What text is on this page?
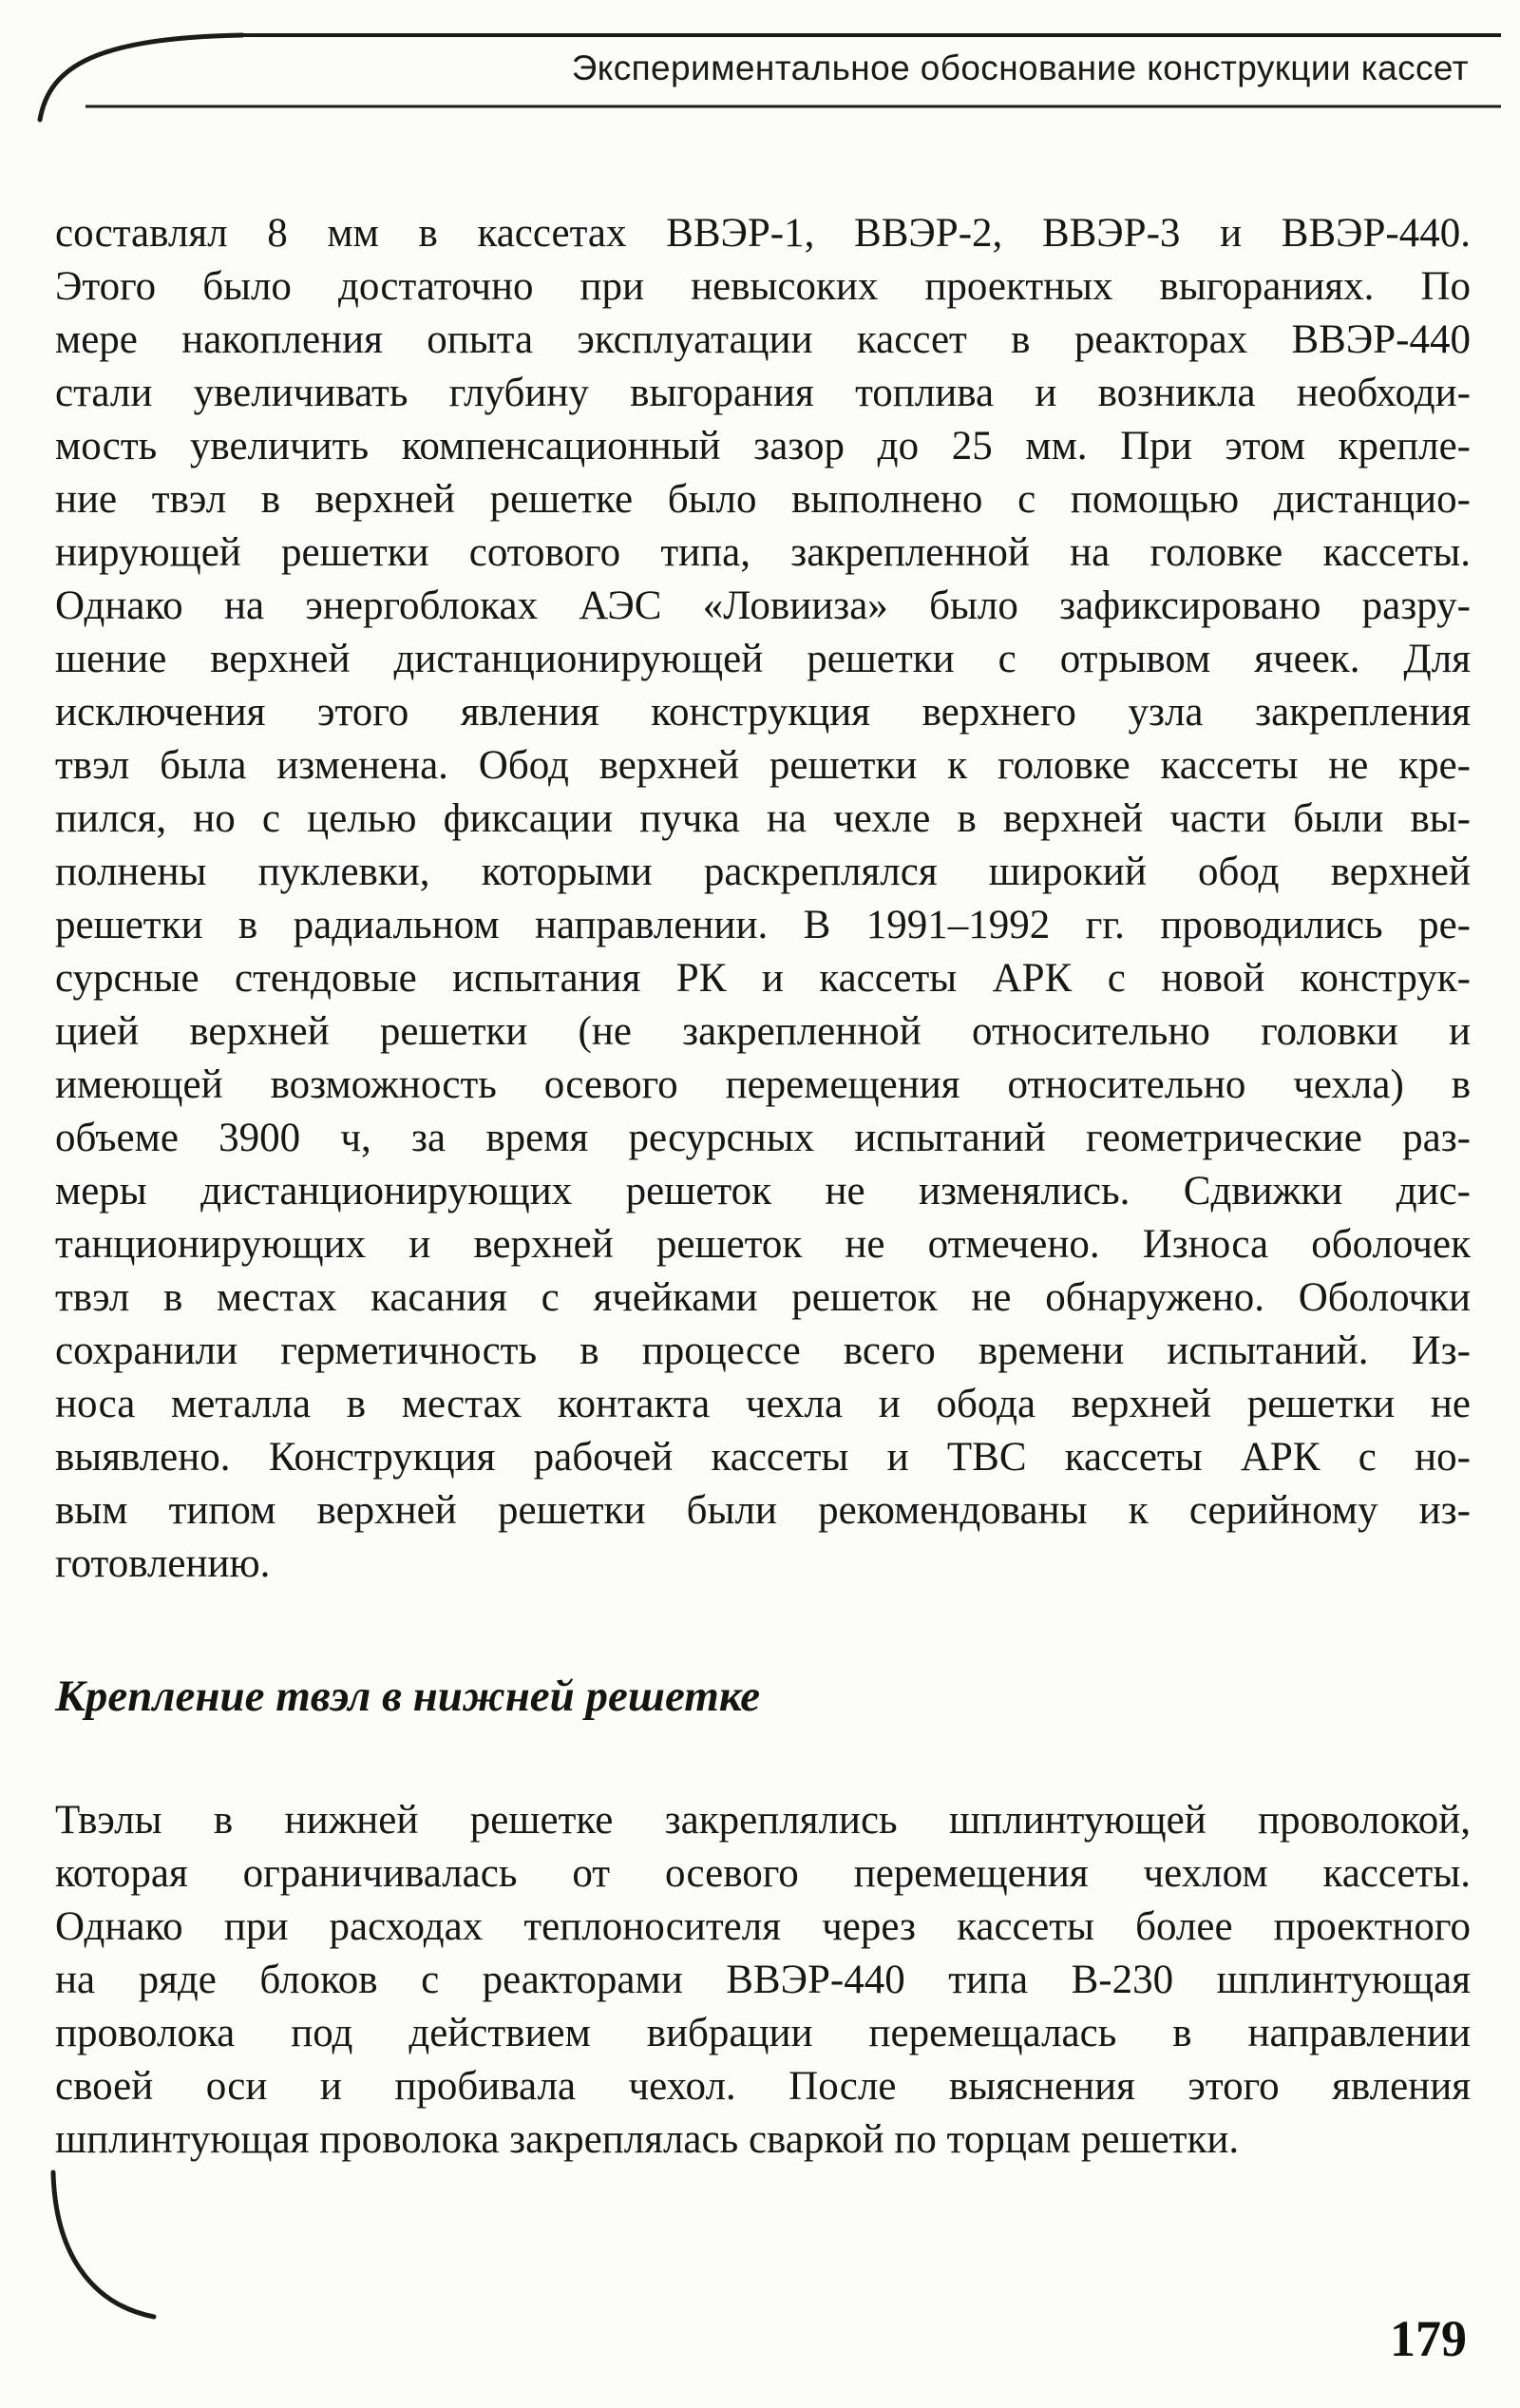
Экспериментальное обоснование конструкции кассет
составлял 8 мм в кассетах ВВЭР-1, ВВЭР-2, ВВЭР-3 и ВВЭР-440.
Этого было достаточно при невысоких проектных выгораниях. По
мере накопления опыта эксплуатации кассет в реакторах ВВЭР-440
стали увеличивать глубину выгорания топлива и возникла необходи-
мость увеличить компенсационный зазор до 25 мм. При этом крепле-
ние твэл в верхней решетке было выполнено с помощью дистанцио-
нирующей решетки сотового типа, закрепленной на головке кассеты.
Однако на энергоблоках АЭС «Ловииза» было зафиксировано разру-
шение верхней дистанционирующей решетки с отрывом ячеек. Для
исключения этого явления конструкция верхнего узла закрепления
твэл была изменена. Обод верхней решетки к головке кассеты не кре-
пился, но с целью фиксации пучка на чехле в верхней части были вы-
полнены пуклевки, которыми раскреплялся широкий обод верхней
решетки в радиальном направлении. В 1991–1992 гг. проводились ре-
сурсные стендовые испытания РК и кассеты АРК с новой конструк-
цией верхней решетки (не закрепленной относительно головки и
имеющей возможность осевого перемещения относительно чехла) в
объеме 3900 ч, за время ресурсных испытаний геометрические раз-
меры дистанционирующих решеток не изменялись. Сдвижки дис-
танционирующих и верхней решеток не отмечено. Износа оболочек
твэл в местах касания с ячейками решеток не обнаружено. Оболочки
сохранили герметичность в процессе всего времени испытаний. Из-
носа металла в местах контакта чехла и обода верхней решетки не
выявлено. Конструкция рабочей кассеты и ТВС кассеты АРК с но-
вым типом верхней решетки были рекомендованы к серийному из-
готовлению.
Крепление твэл в нижней решетке
Твэлы в нижней решетке закреплялись шплинтующей проволокой,
которая ограничивалась от осевого перемещения чехлом кассеты.
Однако при расходах теплоносителя через кассеты более проектного
на ряде блоков с реакторами ВВЭР-440 типа В-230 шплинтующая
проволока под действием вибрации перемещалась в направлении
своей оси и пробивала чехол. После выяснения этого явления
шплинтующая проволока закреплялась сваркой по торцам решетки.
179
